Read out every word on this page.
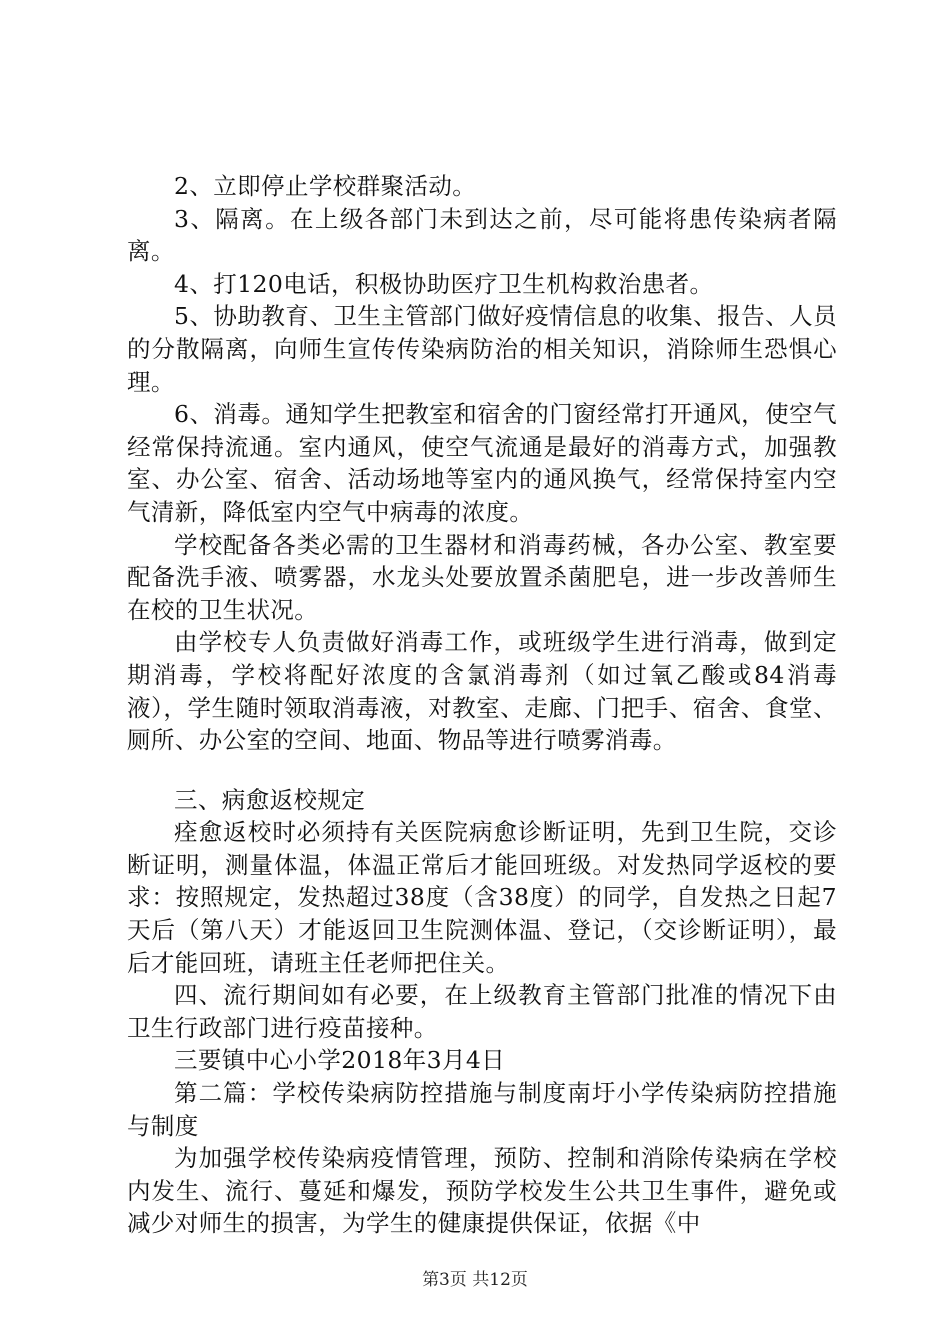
2、立即停止学校群聚活动。

3、隔离。在上级各部门未到达之前，尽可能将患传染病者隔离。

4、打120电话，积极协助医疗卫生机构救治患者。

5、协助教育、卫生主管部门做好疫情信息的收集、报告、人员的分散隔离，向师生宣传传染病防治的相关知识，消除师生恐惧心理。

6、消毒。通知学生把教室和宿舍的门窗经常打开通风，使空气经常保持流通。室内通风，使空气流通是最好的消毒方式，加强教室、办公室、宿舍、活动场地等室内的通风换气，经常保持室内空气清新，降低室内空气中病毒的浓度。

学校配备各类必需的卫生器材和消毒药械，各办公室、教室要配备洗手液、喷雾器，水龙头处要放置杀菌肥皂，进一步改善师生在校的卫生状况。

由学校专人负责做好消毒工作，或班级学生进行消毒，做到定期消毒，学校将配好浓度的含氯消毒剂（如过氧乙酸或84消毒液），学生随时领取消毒液，对教室、走廊、门把手、宿舍、食堂、厕所、办公室的空间、地面、物品等进行喷雾消毒。

三、病愈返校规定

痊愈返校时必须持有关医院病愈诊断证明，先到卫生院，交诊断证明，测量体温，体温正常后才能回班级。对发热同学返校的要求：按照规定，发热超过38度（含38度）的同学，自发热之日起7天后（第八天）才能返回卫生院测体温、登记，（交诊断证明），最后才能回班，请班主任老师把住关。

四、流行期间如有必要，在上级教育主管部门批准的情况下由卫生行政部门进行疫苗接种。

三要镇中心小学2018年3月4日

第二篇：学校传染病防控措施与制度南圩小学传染病防控措施与制度

为加强学校传染病疫情管理，预防、控制和消除传染病在学校内发生、流行、蔓延和爆发，预防学校发生公共卫生事件，避免或减少对师生的损害，为学生的健康提供保证，依据《中

第3页 共12页
